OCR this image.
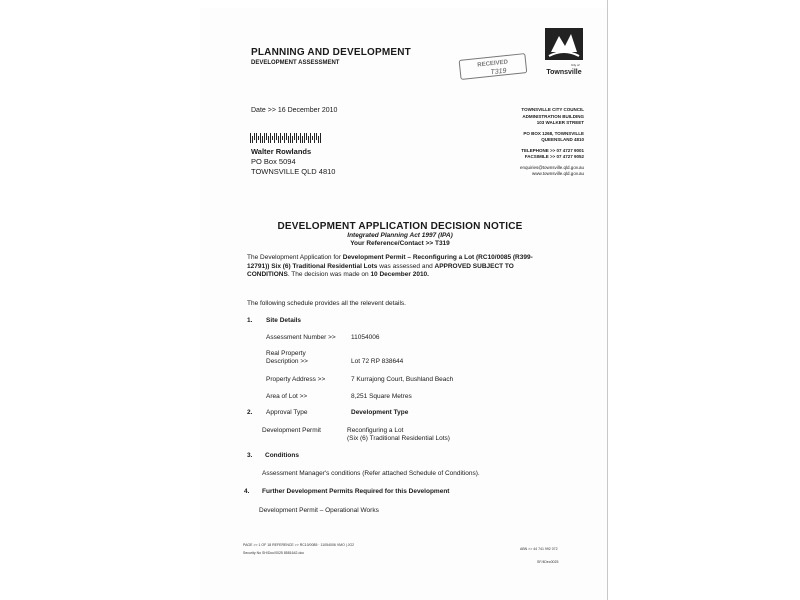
PLANNING AND DEVELOPMENT
DEVELOPMENT ASSESSMENT	RECEIVED
T319
City of
Townsville
Date >> 16 December 2010	TOWNSVILLE CITY COUNCIL
ADMINISTRATION BUILDING
103 WALKER STREET
PO BOX 1268, TOWNSVILLE
QUEENSLAND 4810
TELEPHONE >> 07 4727 9001
FACSIMILE >> 07 4727 9052
enquiries@townsville.qld.gov.au
www.townsville.qld.gov.au
Walter Rowlands
PO Box 5094
TOWNSVILLE QLD 4810
DEVELOPMENT APPLICATION DECISION NOTICE
Integrated Planning Act 1997 (IPA)
Your Reference/Contact >> T319
The Development Application for Development Permit – Reconfiguring a Lot (RC10/0085 (R399-12791)) Six (6) Traditional Residential Lots was assessed and APPROVED SUBJECT TO CONDITIONS. The decision was made on 10 December 2010.
The following schedule provides all the relevent details.
1. Site Details
Assessment Number >> 11054006
Real Property
Description >>	Lot 72 RP 838644
Property Address >>	7 Kurrajong Court, Bushland Beach
Area of Lot >>	8,251 Square Metres
2. Approval Type	Development Type
Development Permit	Reconfiguring a Lot
(Six (6) Traditional Residential Lots)
3. Conditions
Assessment Manager's conditions (Refer attached Schedule of Conditions).
4. Further Development Permits Required for this Development
Development Permit – Operational Works
PAGE >> 1 OF 18 REFERENCE >> RC10/0085 · 11054006 VMO | JG2
Security No SH/Doc/0025 8581642.doc
ABN >> 44 741 992 072
SF/4Dec0025
